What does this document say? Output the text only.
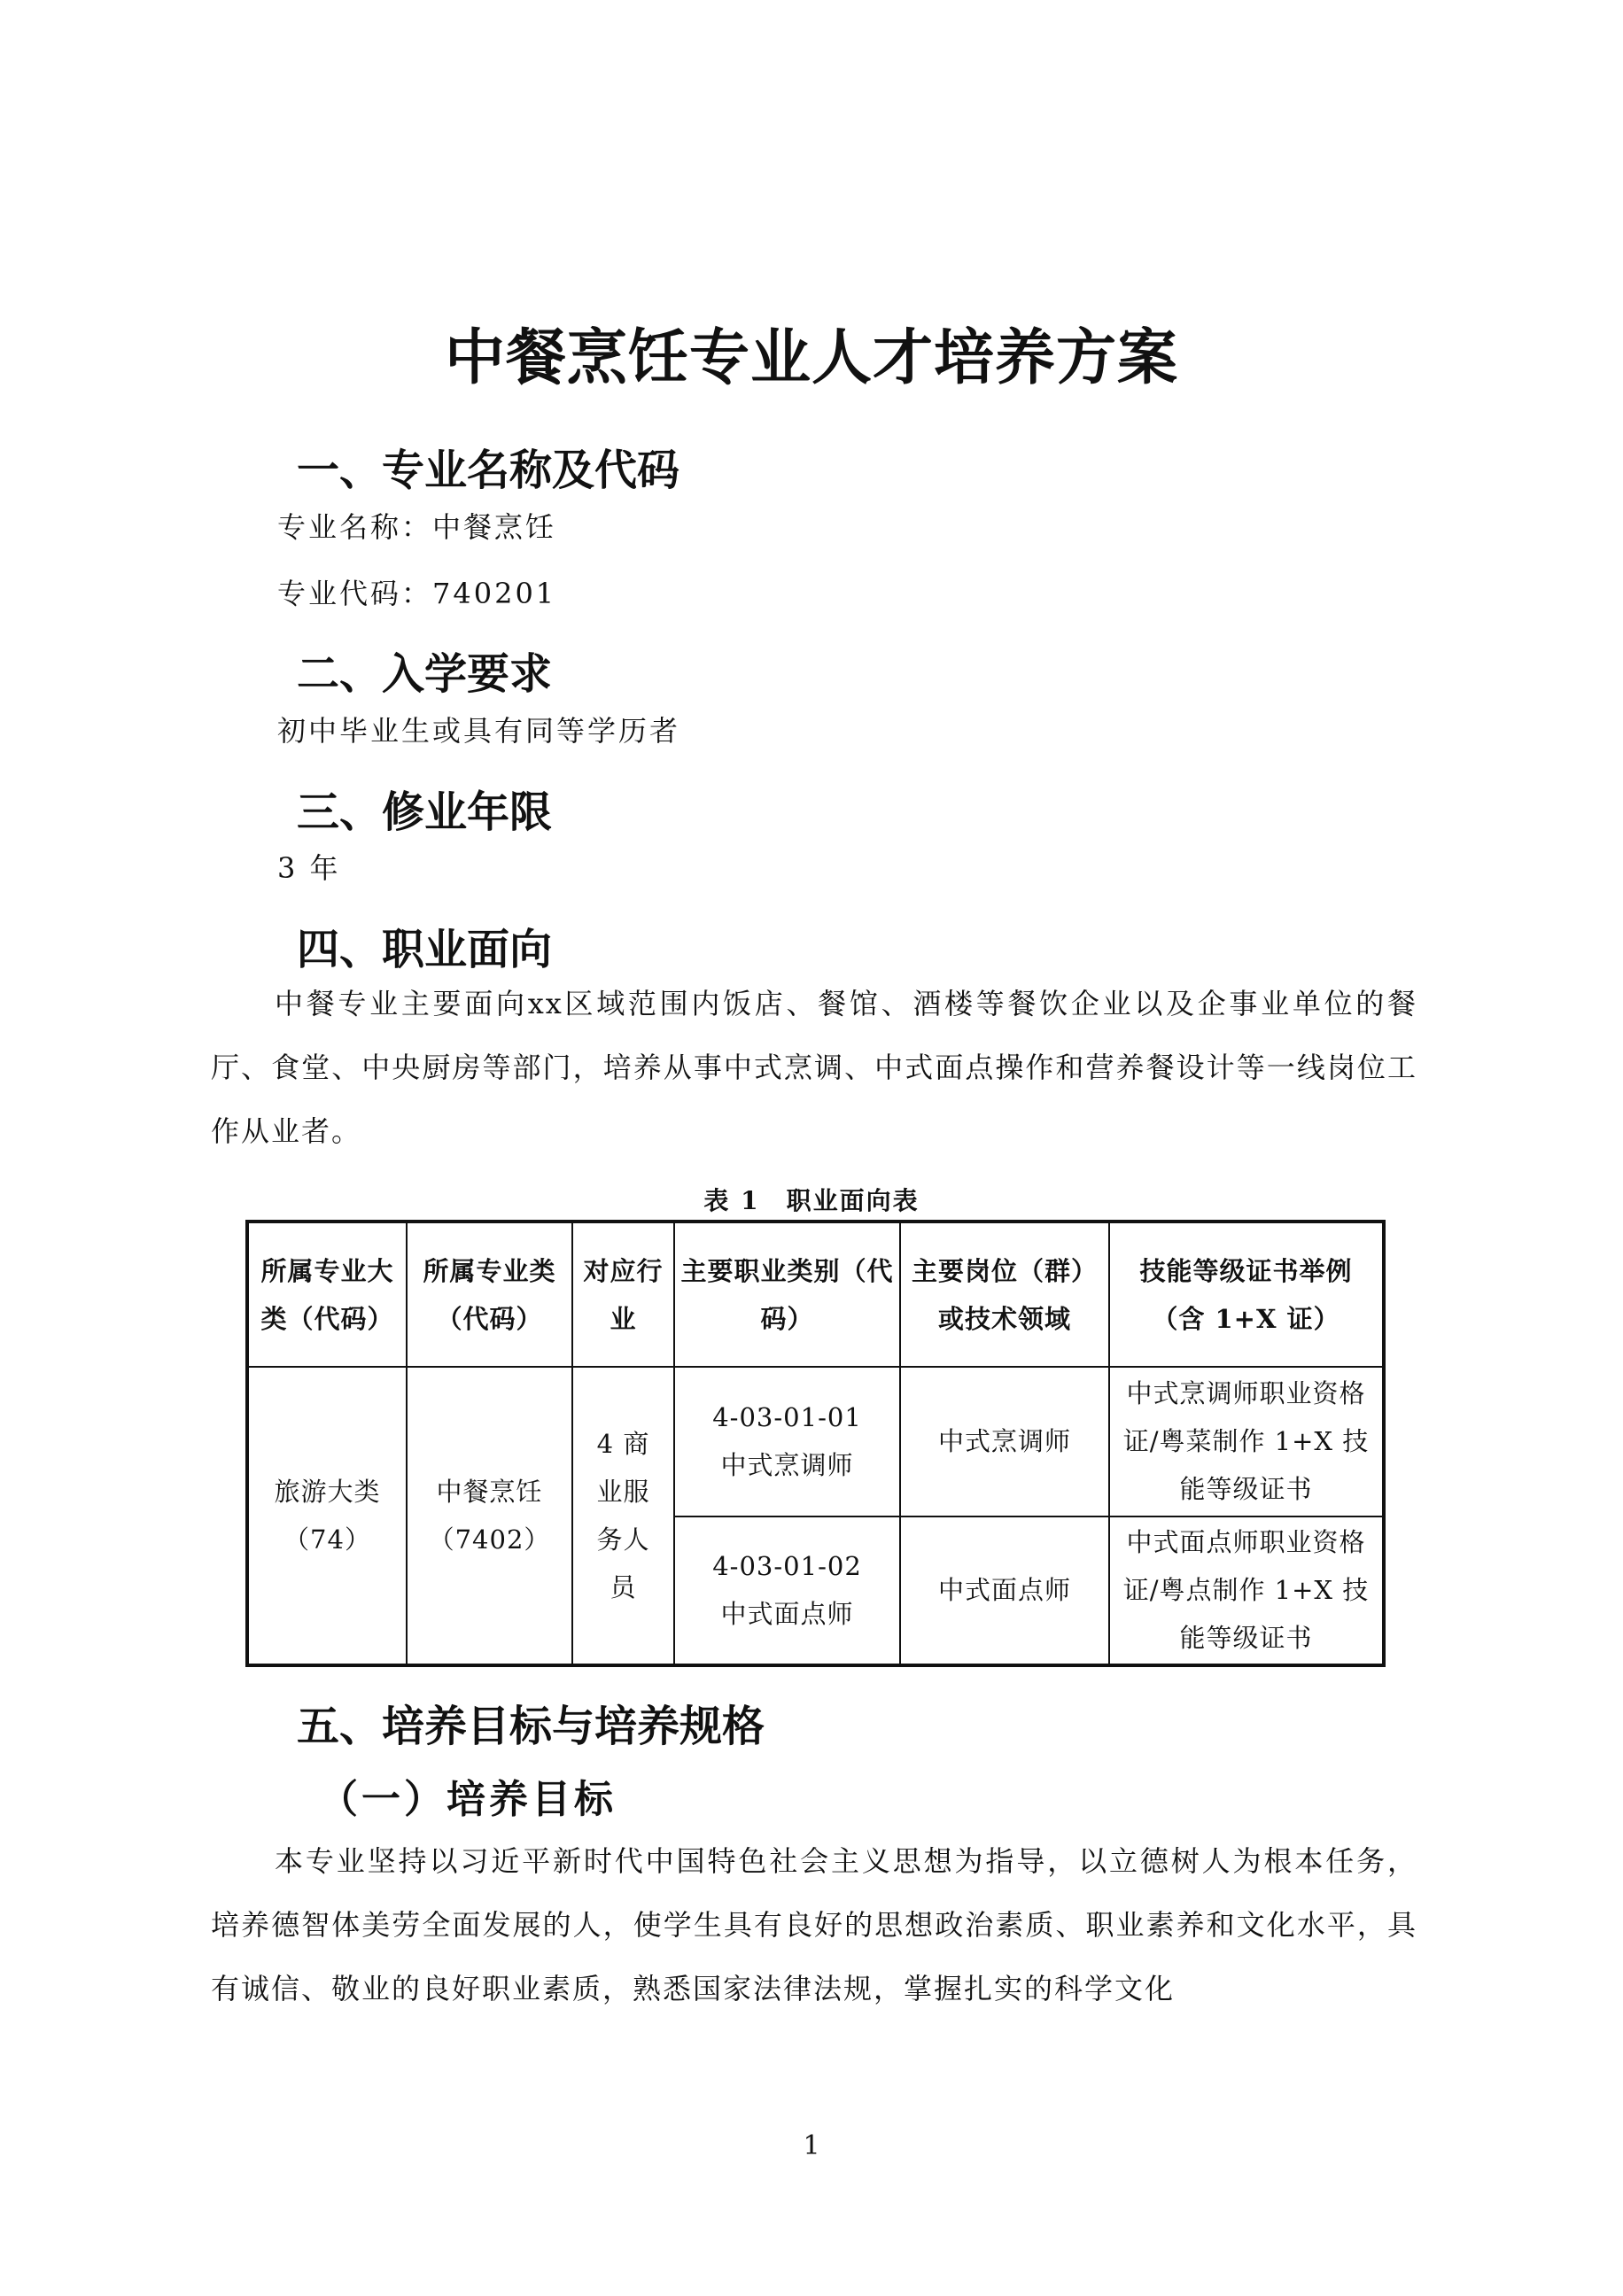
中餐烹饪专业人才培养方案
一、专业名称及代码
专业名称：中餐烹饪
专业代码：740201
二、入学要求
初中毕业生或具有同等学历者
三、修业年限
3 年
四、职业面向
中餐专业主要面向xx区域范围内饭店、餐馆、酒楼等餐饮企业以及企事业单位的餐厅、食堂、中央厨房等部门，培养从事中式烹调、中式面点操作和营养餐设计等一线岗位工作从业者。
表 1　职业面向表
所属专业大类（代码）	所属专业类（代码）	对应行业	主要职业类别（代码）	主要岗位（群）或技术领域	技能等级证书举例（含 1+X 证）
旅游大类（74）	中餐烹饪（7402）	4 商业服务人员	4-03-01-01 中式烹调师	中式烹调师	中式烹调师职业资格证/粤菜制作 1+X 技能等级证书
			4-03-01-02 中式面点师	中式面点师	中式面点师职业资格证/粤点制作 1+X 技能等级证书
五、培养目标与培养规格
（一）培养目标
本专业坚持以习近平新时代中国特色社会主义思想为指导，以立德树人为根本任务，培养德智体美劳全面发展的人，使学生具有良好的思想政治素质、职业素养和文化水平，具有诚信、敬业的良好职业素质，熟悉国家法律法规，掌握扎实的科学文化
1
